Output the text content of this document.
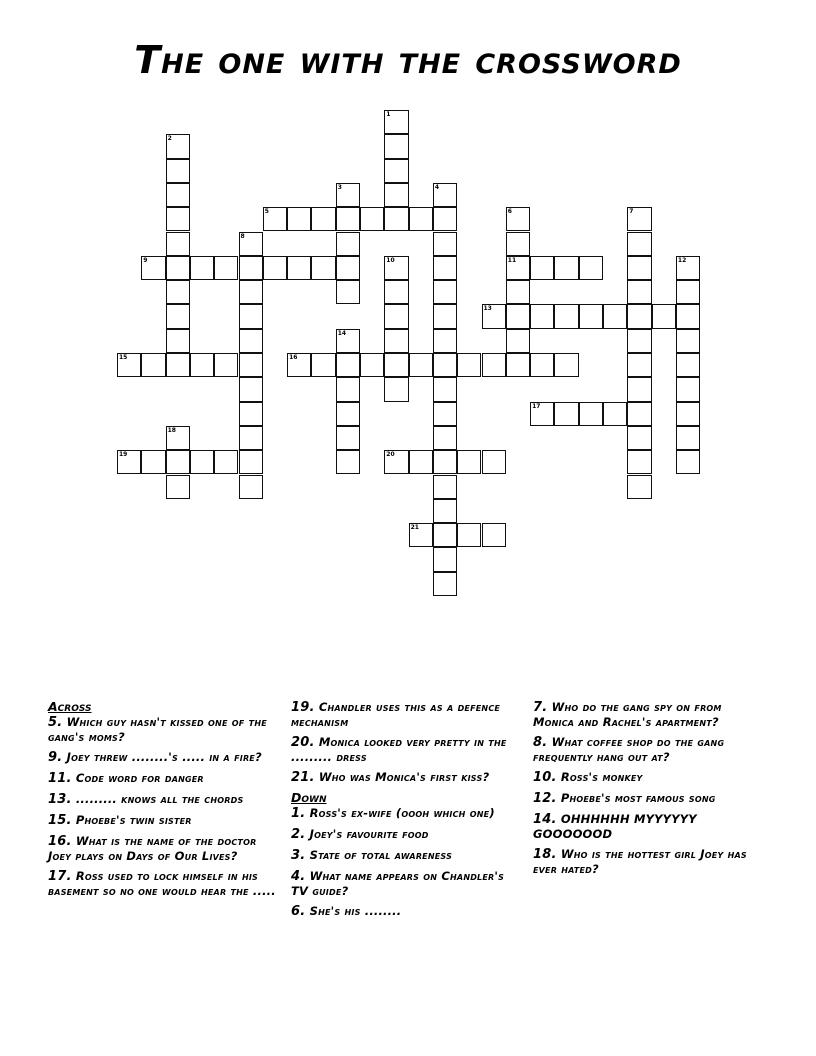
The one with the crossword
1
2
3	4
5	6
11
7
8
9	10	12
13
14
15	16
17
18
19	20
21
Across
5. Which guy hasn't kissed one of the gang's moms?
9. Joey threw ........'s ..... in a fire?
11. Code word for danger
13. ......... knows all the chords
15. Phoebe's twin sister
16. What is the name of the doctor Joey plays on Days of Our Lives?
17. Ross used to lock himself in his basement so no one would hear the .....
19. Chandler uses this as a defence mechanism
20. Monica looked very pretty in the ......... dress
21. Who was Monica's first kiss?
Down
1. Ross's ex-wife (oooh which one)
2. Joey's favourite food
3. State of total awareness
4. What name appears on Chandler's TV guide?
6. She's his ........
7. Who do the gang spy on from Monica and Rachel's apartment?
8. What coffee shop do the gang frequently hang out at?
10. Ross's monkey
12. Phoebe's most famous song
14. OHHHHHH MYYYYYY GOOOOOOD
18. Who is the hottest girl Joey has ever hated?
